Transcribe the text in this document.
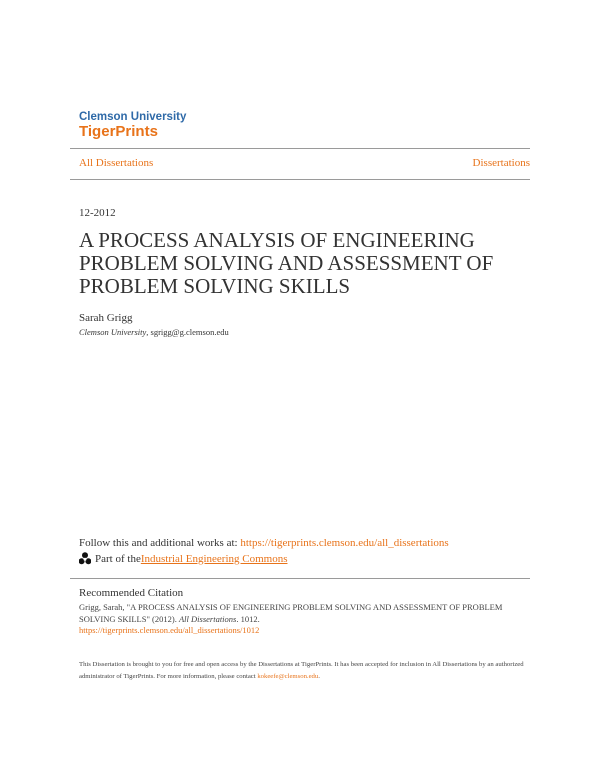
Clemson University
TigerPrints
All Dissertations	Dissertations
12-2012
A PROCESS ANALYSIS OF ENGINEERING PROBLEM SOLVING AND ASSESSMENT OF PROBLEM SOLVING SKILLS
Sarah Grigg
Clemson University, sgrigg@g.clemson.edu
Follow this and additional works at: https://tigerprints.clemson.edu/all_dissertations
Part of the Industrial Engineering Commons
Recommended Citation
Grigg, Sarah, "A PROCESS ANALYSIS OF ENGINEERING PROBLEM SOLVING AND ASSESSMENT OF PROBLEM SOLVING SKILLS" (2012). All Dissertations. 1012.
https://tigerprints.clemson.edu/all_dissertations/1012
This Dissertation is brought to you for free and open access by the Dissertations at TigerPrints. It has been accepted for inclusion in All Dissertations by an authorized administrator of TigerPrints. For more information, please contact kokeefe@clemson.edu.
